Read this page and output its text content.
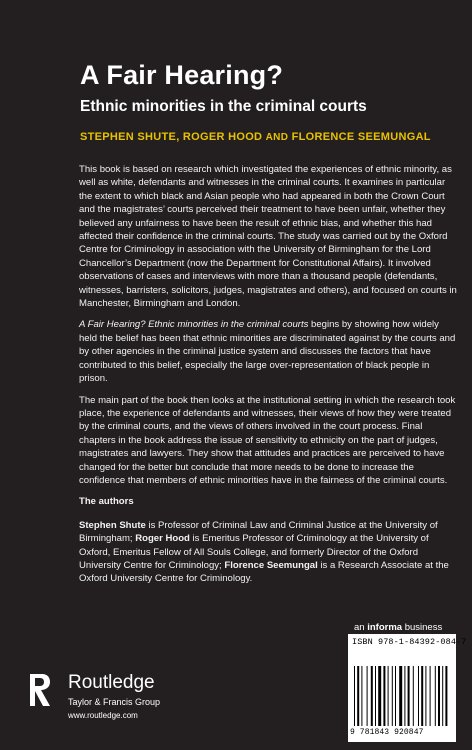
A Fair Hearing?
Ethnic minorities in the criminal courts
STEPHEN SHUTE, ROGER HOOD AND FLORENCE SEEMUNGAL

This book is based on research which investigated the experiences of ethnic minority, as well as white, defendants and witnesses in the criminal courts. It examines in particular the extent to which black and Asian people who had appeared in both the Crown Court and the magistrates’ courts perceived their treatment to have been unfair, whether they believed any unfairness to have been the result of ethnic bias, and whether this had affected their confidence in the criminal courts. The study was carried out by the Oxford Centre for Criminology in association with the University of Birmingham for the Lord Chancellor’s Department (now the Department for Constitutional Affairs). It involved observations of cases and interviews with more than a thousand people (defendants, witnesses, barristers, solicitors, judges, magistrates and others), and focused on courts in Manchester, Birmingham and London.

A Fair Hearing? Ethnic minorities in the criminal courts begins by showing how widely held the belief has been that ethnic minorities are discriminated against by the courts and by other agencies in the criminal justice system and discusses the factors that have contributed to this belief, especially the large over-representation of black people in prison.

The main part of the book then looks at the institutional setting in which the research took place, the experience of defendants and witnesses, their views of how they were treated by the criminal courts, and the views of others involved in the court process. Final chapters in the book address the issue of sensitivity to ethnicity on the part of judges, magistrates and lawyers. They show that attitudes and practices are perceived to have changed for the better but conclude that more needs to be done to increase the confidence that members of ethnic minorities have in the fairness of the criminal courts.

The authors

Stephen Shute is Professor of Criminal Law and Criminal Justice at the University of Birmingham; Roger Hood is Emeritus Professor of Criminology at the University of Oxford, Emeritus Fellow of All Souls College, and formerly Director of the Oxford University Centre for Criminology; Florence Seemungal is a Research Associate at the Oxford University Centre for Criminology.

Routledge
Taylor & Francis Group
www.routledge.com
an informa business
ISBN 978-1-84392-084-7
9 781843 920847
